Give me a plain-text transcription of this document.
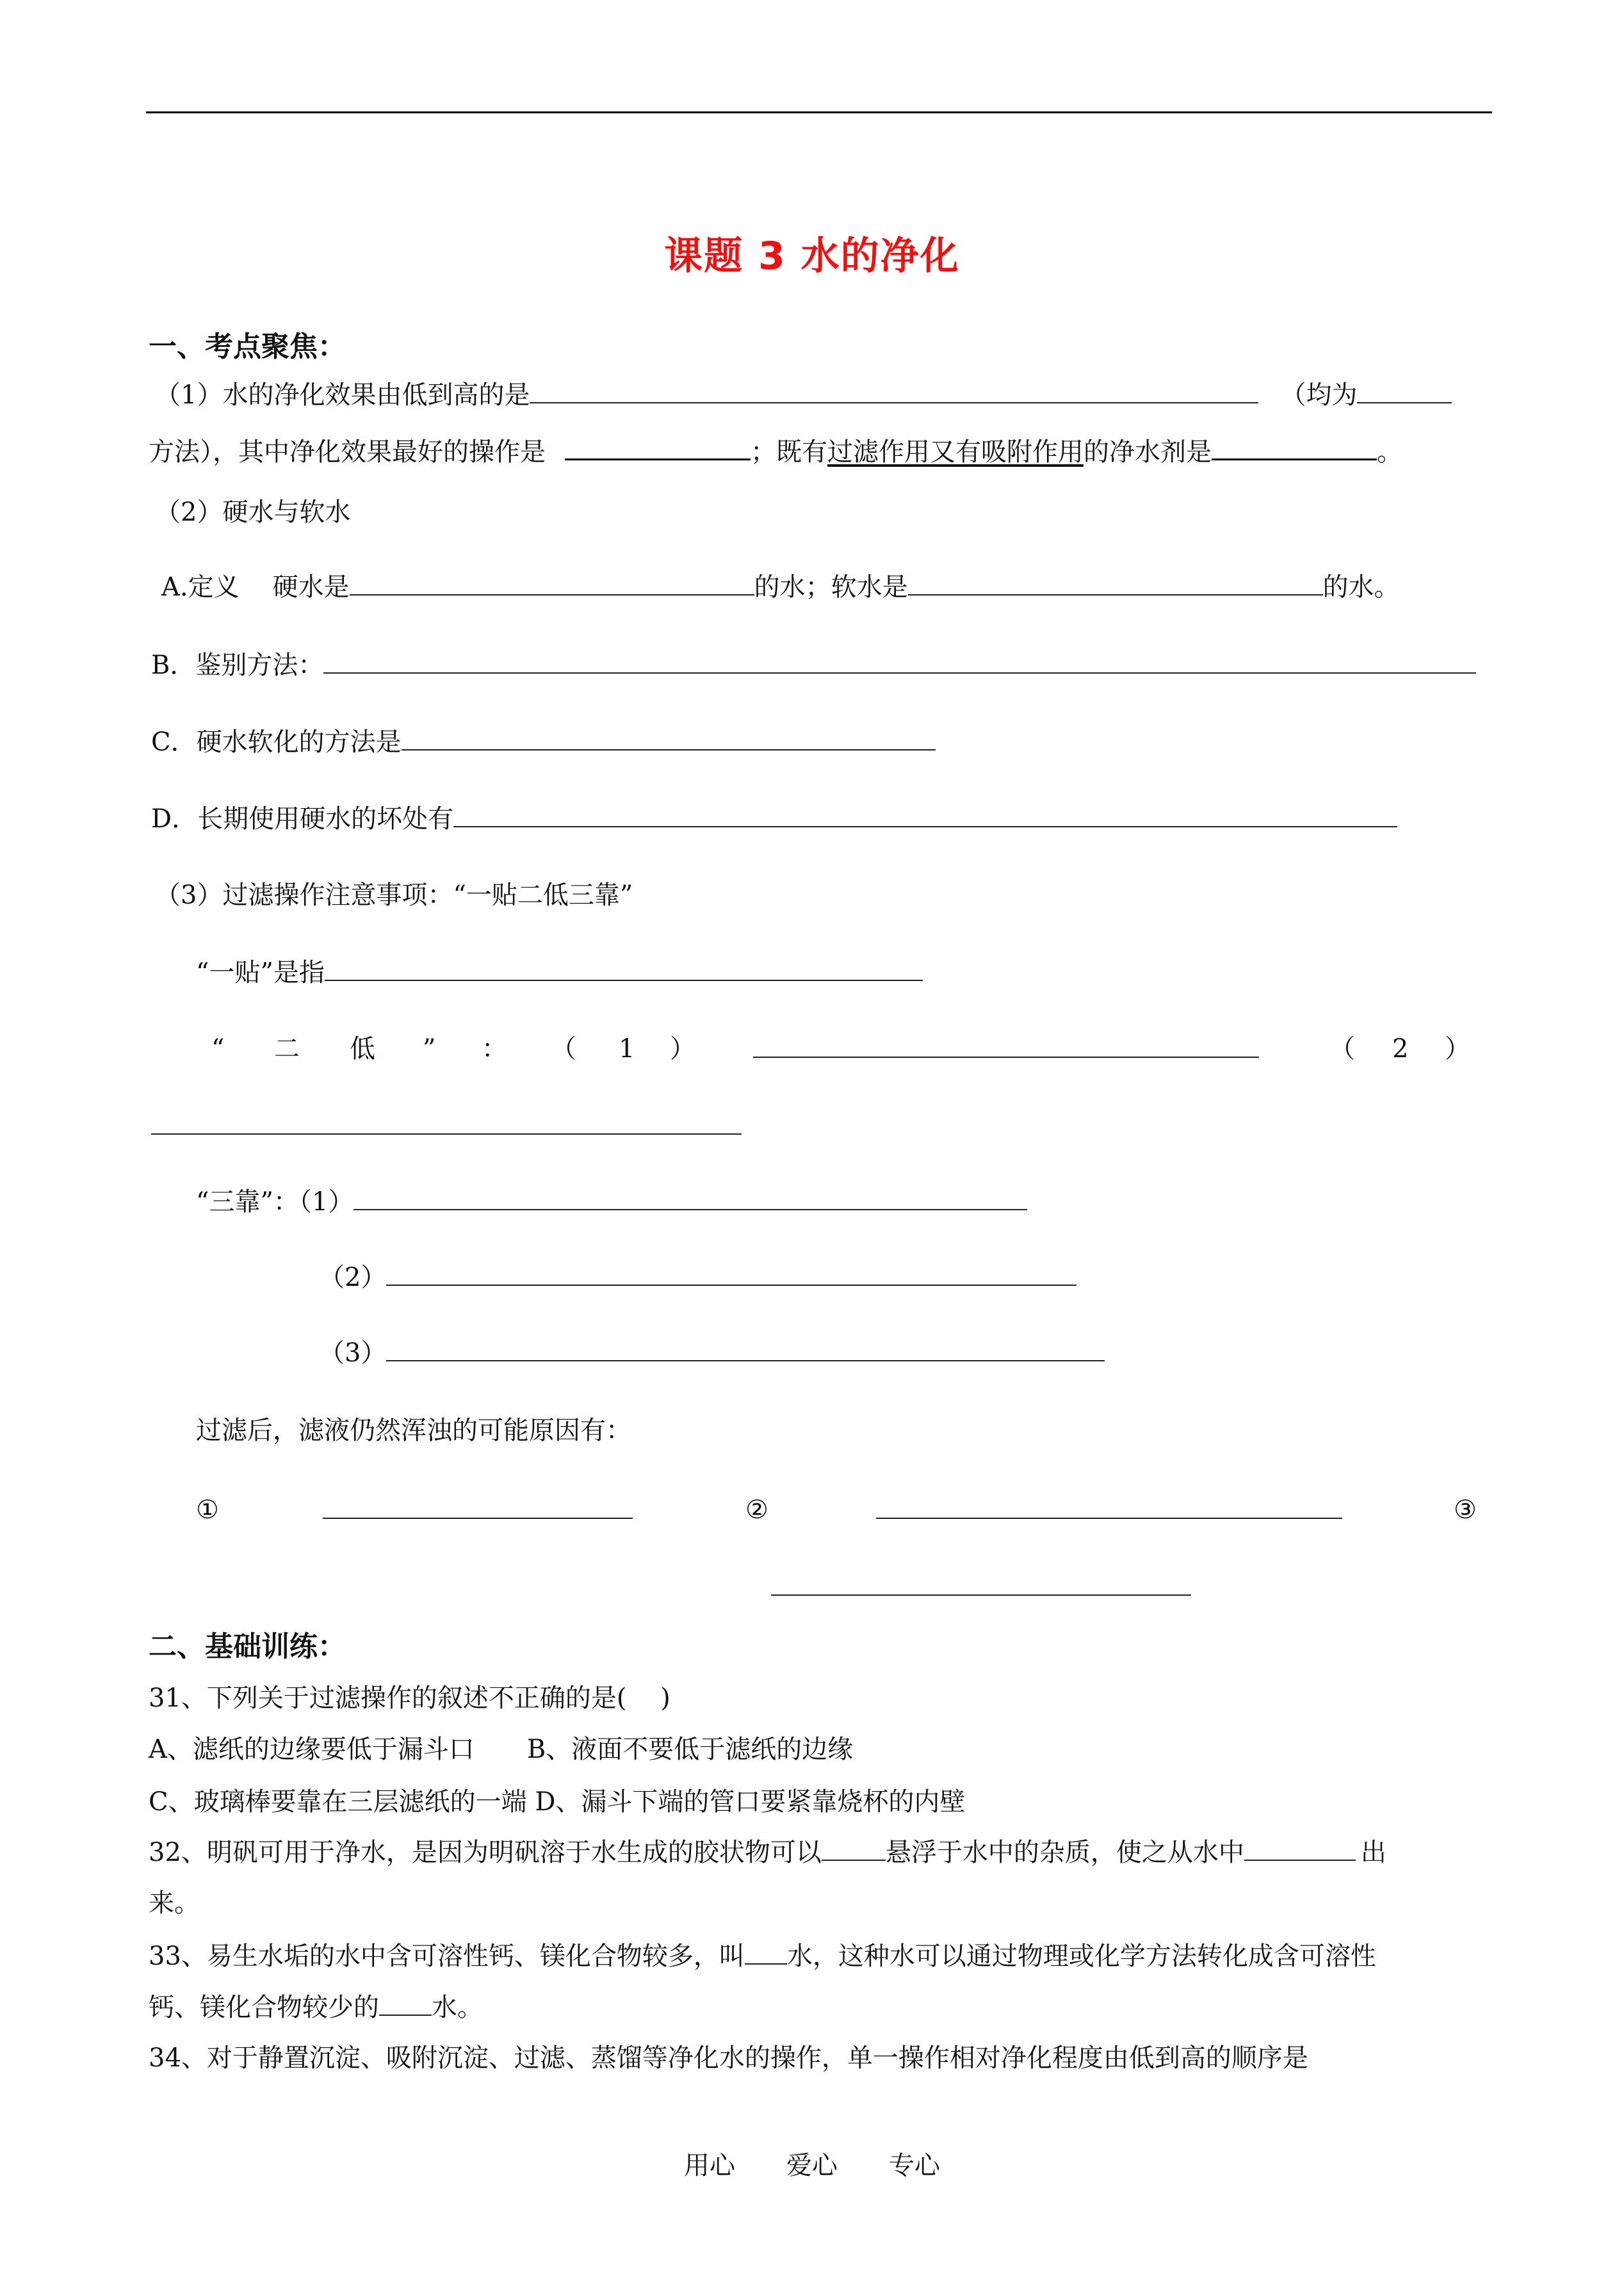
课题 3 水的净化
一、考点聚焦：
（1）水的净化效果由低到高的是	（均为
方法），其中净化效果最好的操作是	；既有过滤作用又有吸附作用的净水剂是	。
（2）硬水与软水
A.定义 硬水是	的水；软水是	的水。
B．鉴别方法：
C．硬水软化的方法是
D．长期使用硬水的坏处有
（3）过滤操作注意事项：“一贴二低三靠”
“一贴”是指
“ 二 低 ” ： （ 1 ）	（ 2 ）
“三靠”：（1）
（2）
（3）
过滤后，滤液仍然浑浊的可能原因有：
①	②	③
二、基础训练：
31、下列关于过滤操作的叙述不正确的是(　 )
A、滤纸的边缘要低于漏斗口 B、液面不要低于滤纸的边缘
C、玻璃棒要靠在三层滤纸的一端 D、漏斗下端的管口要紧靠烧杯的内壁
32、明矾可用于净水，是因为明矾溶于水生成的胶状物可以	悬浮于水中的杂质，使之从水中	出
来。
33、易生水垢的水中含可溶性钙、镁化合物较多，叫 水，这种水可以通过物理或化学方法转化成含可溶性
钙、镁化合物较少的 水。
34、对于静置沉淀、吸附沉淀、过滤、蒸馏等净化水的操作，单一操作相对净化程度由低到高的顺序是
用心 爱心 专心
